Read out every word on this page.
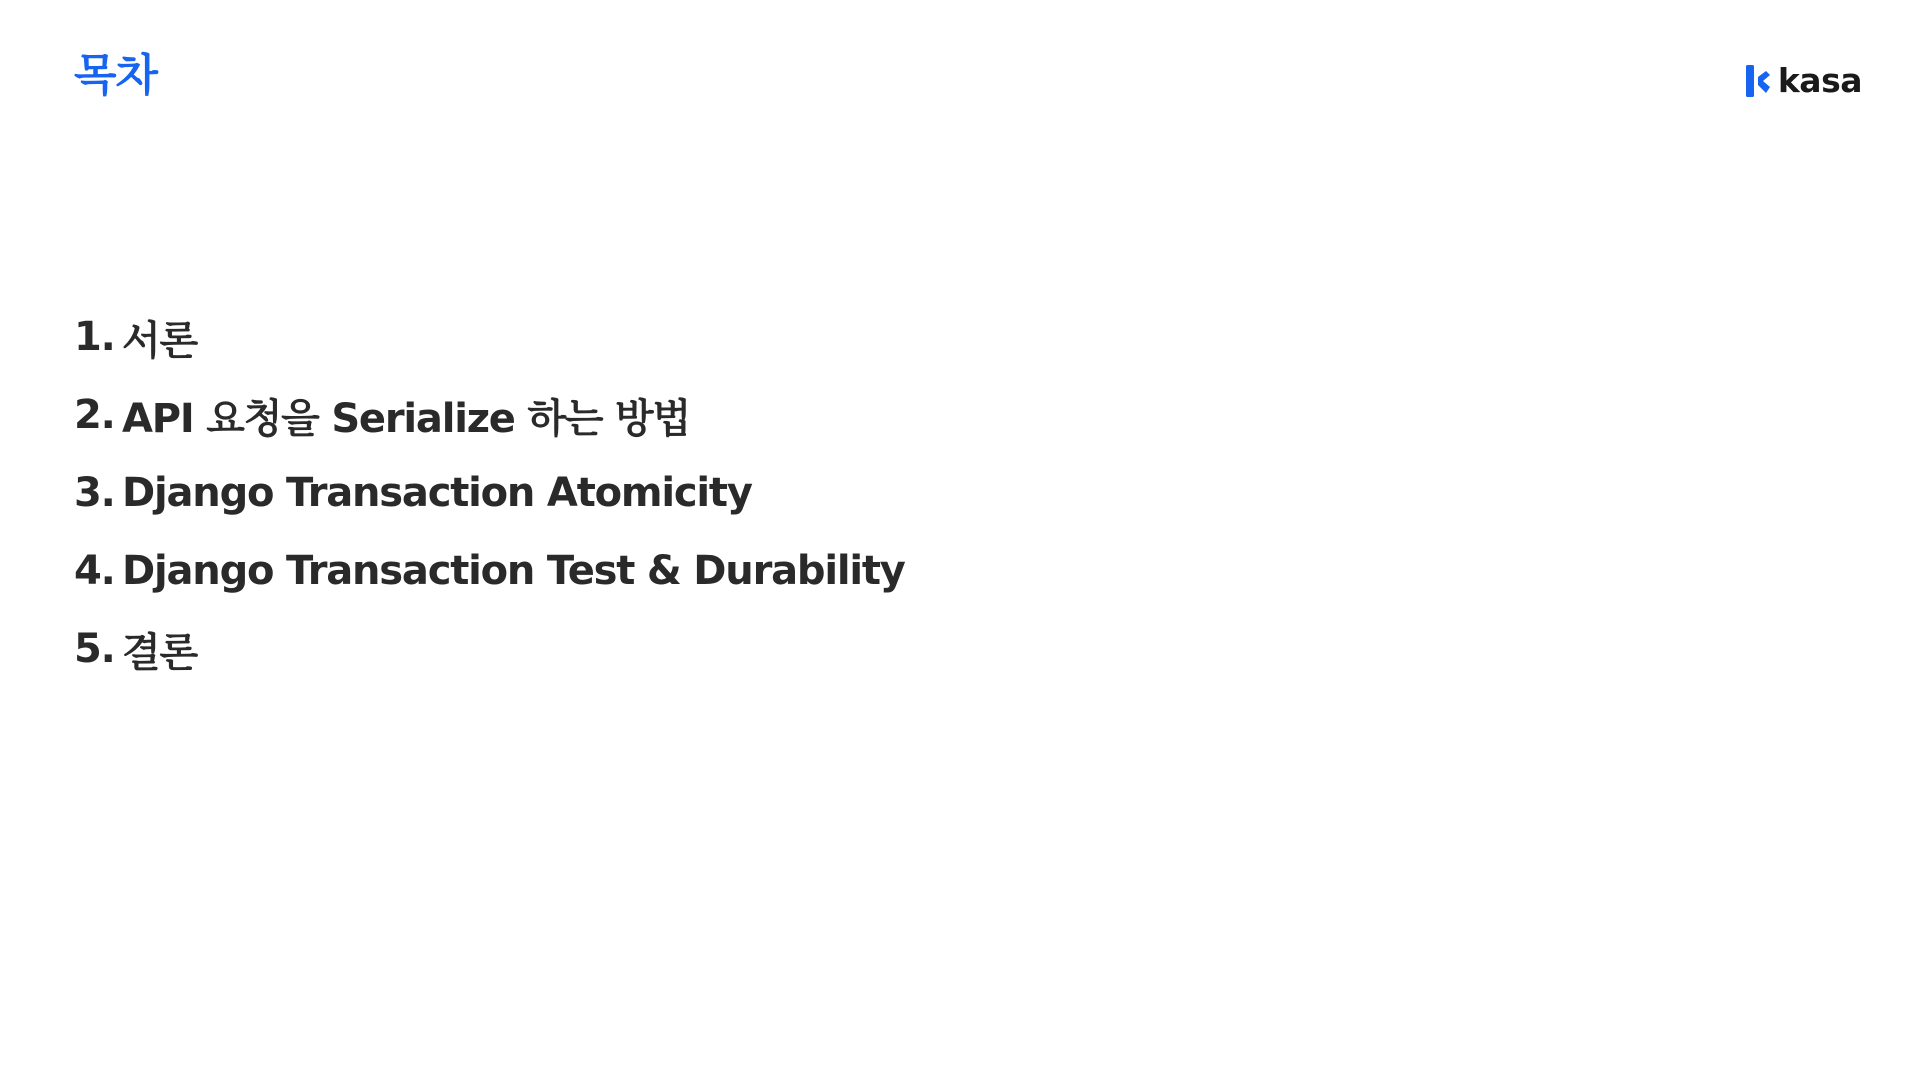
목차	kasa
1. 서론
2. API 요청을 Serialize 하는 방법
3. Django Transaction Atomicity
4. Django Transaction Test & Durability
5. 결론
